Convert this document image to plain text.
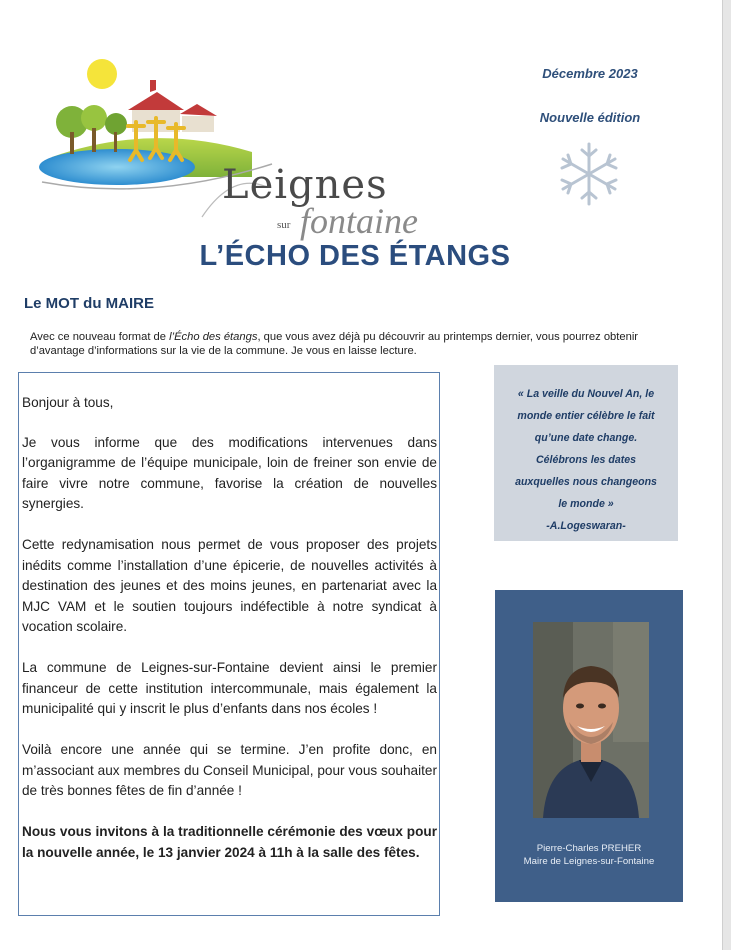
Leignes
sur fontaine
Décembre 2023
Nouvelle édition
L’ÉCHO DES ÉTANGS
Le MOT du MAIRE
Avec ce nouveau format de l’Écho des étangs, que vous avez déjà pu découvrir au printemps dernier, vous pourrez obtenir d’avantage d’informations sur la vie de la commune. Je vous en laisse lecture.

Bonjour à tous,

Je vous informe que des modifications intervenues dans l’organigramme de l’équipe municipale, loin de freiner son envie de faire vivre notre commune, favorise la création de nouvelles synergies.

Cette redynamisation nous permet de vous proposer des projets inédits comme l’installation d’une épicerie, de nouvelles activités à destination des jeunes et des moins jeunes, en partenariat avec la MJC VAM et le soutien toujours indéfectible à notre syndicat à vocation scolaire.

La commune de Leignes-sur-Fontaine devient ainsi le premier financeur de cette institution intercommunale, mais également la municipalité qui y inscrit le plus d’enfants dans nos écoles !

Voilà encore une année qui se termine. J’en profite donc, en m’associant aux membres du Conseil Municipal, pour vous souhaiter de très bonnes fêtes de fin d’année !

Nous vous invitons à la traditionnelle cérémonie des vœux pour la nouvelle année, le 13 janvier 2024 à 11h à la salle des fêtes.

« La veille du Nouvel An, le
monde entier célèbre le fait
qu’une date change.
Célébrons les dates
auxquelles nous changeons
le monde »
-A.Logeswaran-
Pierre-Charles PREHER
Maire de Leignes-sur-Fontaine
